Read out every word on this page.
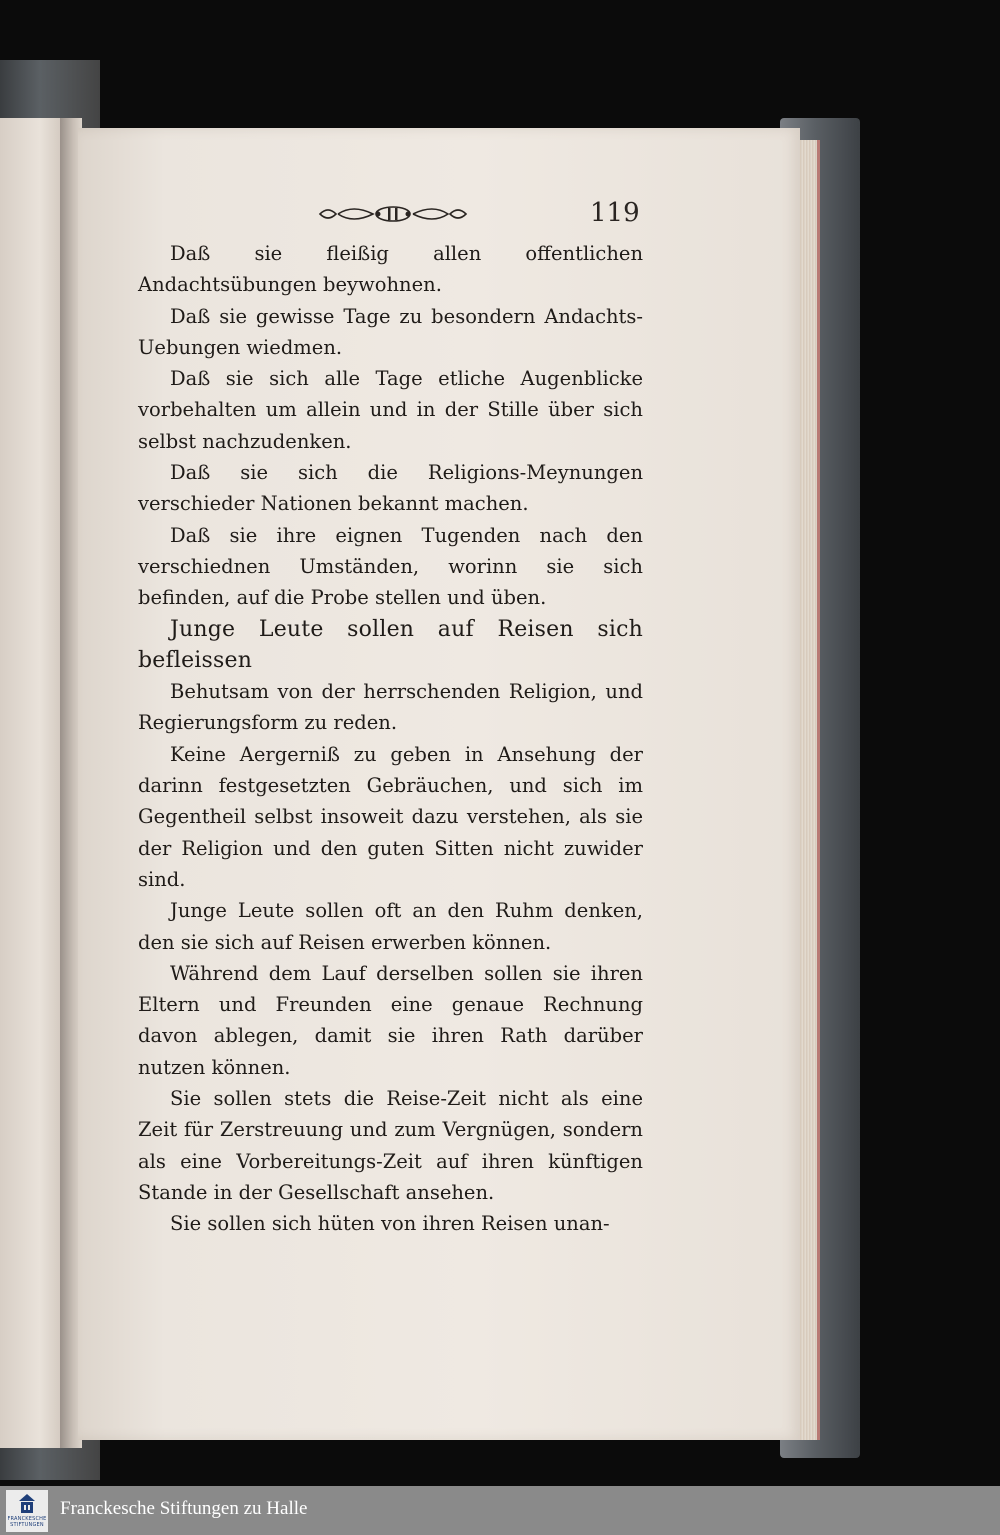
119

Daß sie fleißig allen offentlichen Andachtsübungen beywohnen.

Daß sie gewisse Tage zu besondern Andachts-Uebungen wiedmen.

Daß sie sich alle Tage etliche Augenblicke vorbehalten um allein und in der Stille über sich selbst nachzudenken.

Daß sie sich die Religions-Meynungen verschieder Nationen bekannt machen.

Daß sie ihre eignen Tugenden nach den verschiednen Umständen, worinn sie sich befinden, auf die Probe stellen und üben.

Junge Leute sollen auf Reisen sich befleissen

Behutsam von der herrschenden Religion, und Regierungsform zu reden.

Keine Aergerniß zu geben in Ansehung der darinn festgesetzten Gebräuchen, und sich im Gegentheil selbst insoweit dazu verstehen, als sie der Religion und den guten Sitten nicht zuwider sind.

Junge Leute sollen oft an den Ruhm denken, den sie sich auf Reisen erwerben können.

Während dem Lauf derselben sollen sie ihren Eltern und Freunden eine genaue Rechnung davon ablegen, damit sie ihren Rath darüber nutzen können.

Sie sollen stets die Reise-Zeit nicht als eine Zeit für Zerstreuung und zum Vergnügen, sondern als eine Vorbereitungs-Zeit auf ihren künftigen Stande in der Gesellschaft ansehen.

Sie sollen sich hüten von ihren Reisen unan-

FRANCKESCHE
STIFTUNGEN
Franckesche Stiftungen zu Halle
